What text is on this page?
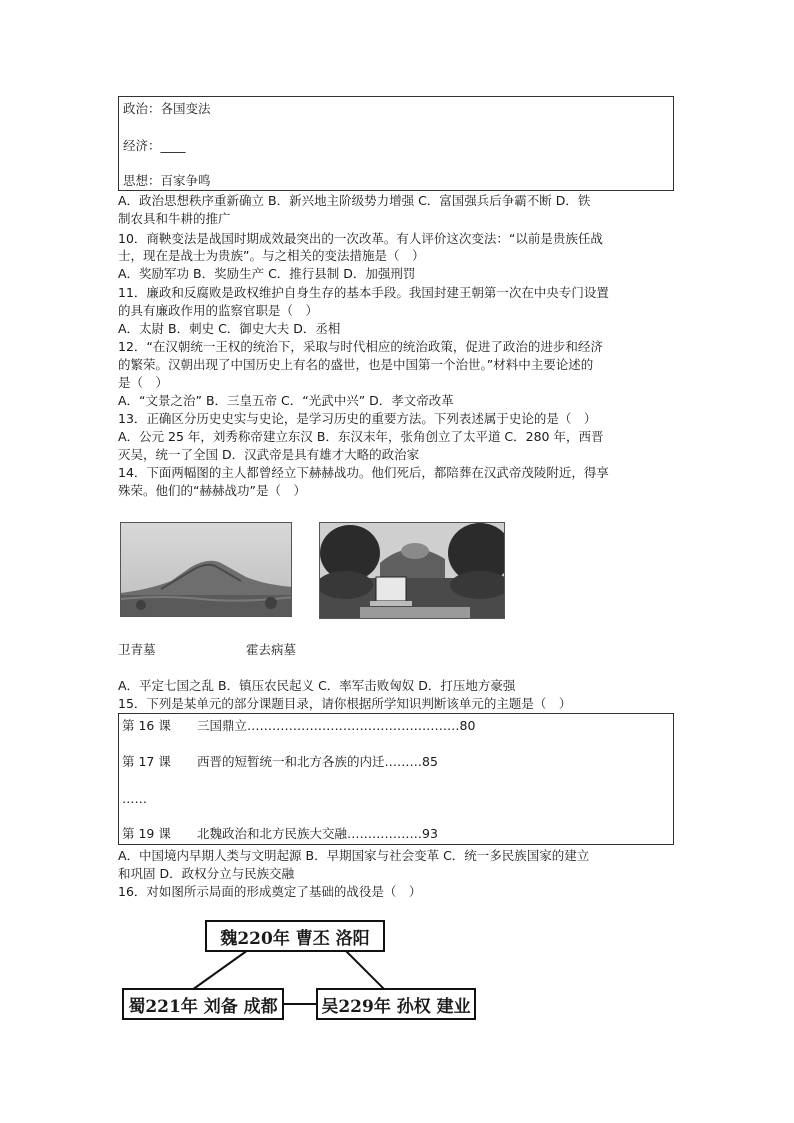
政治：各国变法
经济：____
思想：百家争鸣
A．政治思想秩序重新确立 B．新兴地主阶级势力增强 C．富国强兵后争霸不断 D．铁
制农具和牛耕的推广
10．商鞅变法是战国时期成效最突出的一次改革。有人评价这次变法：“以前是贵族任战
士，现在是战士为贵族”。与之相关的变法措施是（　）
A．奖励军功 B．奖励生产 C．推行县制 D．加强刑罚
11．廉政和反腐败是政权维护自身生存的基本手段。我国封建王朝第一次在中央专门设置
的具有廉政作用的监察官职是（　）
A．太尉 B．刺史 C．御史大夫 D．丞相
12．“在汉朝统一王权的统治下，采取与时代相应的统治政策，促进了政治的进步和经济
的繁荣。汉朝出现了中国历史上有名的盛世，也是中国第一个治世。”材料中主要论述的
是（　）
A．“文景之治” B．三皇五帝 C．“光武中兴” D．孝文帝改革
13．正确区分历史史实与史论，是学习历史的重要方法。下列表述属于史论的是（　）
A．公元 25 年，刘秀称帝建立东汉 B．东汉末年，张角创立了太平道 C．280 年，西晋
灭吴，统一了全国 D．汉武帝是具有雄才大略的政治家
14．下面两幅图的主人都曾经立下赫赫战功。他们死后，都陪葬在汉武帝茂陵附近，得享
殊荣。他们的“赫赫战功”是（　）
卫青墓	霍去病墓
A．平定七国之乱 B．镇压农民起义 C．率军击败匈奴 D．打压地方豪强
15．下列是某单元的部分课题目录，请你根据所学知识判断该单元的主题是（　）
第 16 课 三国鼎立……………………………………………80
第 17 课 西晋的短暂统一和北方各族的内迁………85
……
第 19 课 北魏政治和北方民族大交融………………93
A．中国境内早期人类与文明起源 B．早期国家与社会变革 C．统一多民族国家的建立
和巩固 D．政权分立与民族交融
16．对如图所示局面的形成奠定了基础的战役是（　）
魏220年 曹丕 洛阳
蜀221年 刘备 成都	吴229年 孙权 建业
